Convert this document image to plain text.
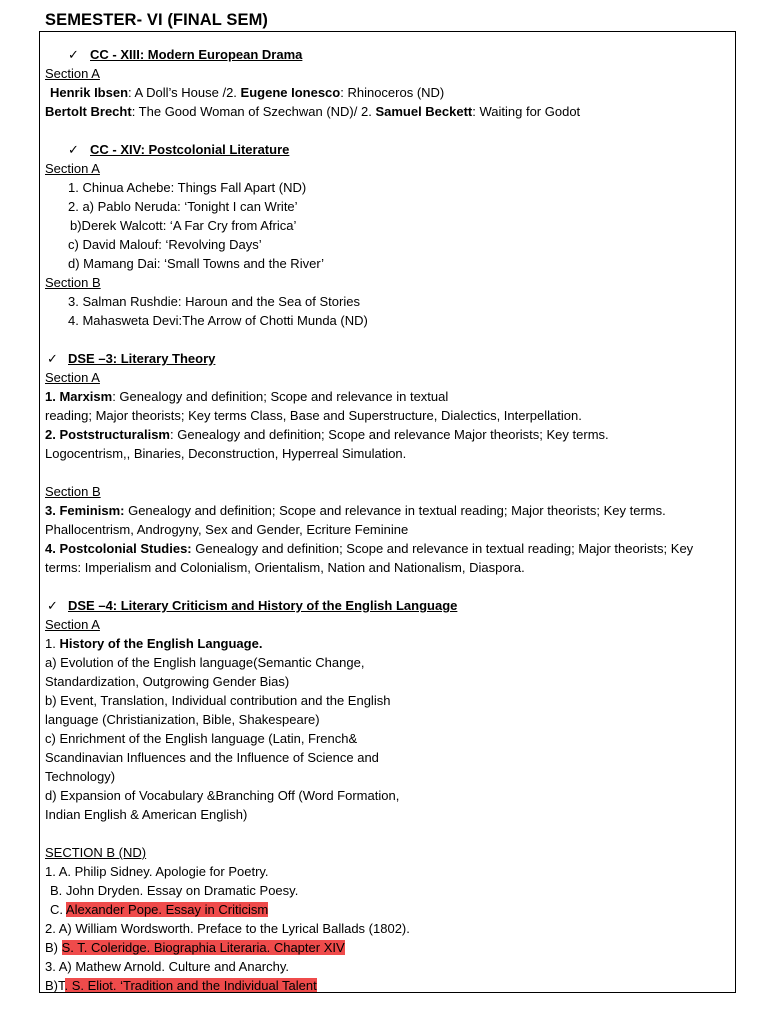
SEMESTER- VI (FINAL SEM)
✓ CC - XIII: Modern European Drama
Section A
Henrik Ibsen: A Doll’s House /2. Eugene Ionesco: Rhinoceros (ND)
Bertolt Brecht: The Good Woman of Szechwan (ND)/ 2. Samuel Beckett: Waiting for Godot
✓ CC - XIV: Postcolonial Literature
Section A
1. Chinua Achebe: Things Fall Apart (ND)
2. a) Pablo Neruda: ‘Tonight I can Write’
b)Derek Walcott: ‘A Far Cry from Africa’
c) David Malouf: ‘Revolving Days’
d) Mamang Dai: ‘Small Towns and the River’
Section B
3. Salman Rushdie: Haroun and the Sea of Stories
4. Mahasweta Devi:The Arrow of Chotti Munda (ND)
✓ DSE –3: Literary Theory
Section A
1. Marxism: Genealogy and definition; Scope and relevance in textual
reading; Major theorists; Key terms Class, Base and Superstructure, Dialectics, Interpellation.
2. Poststructuralism: Genealogy and definition; Scope and relevance Major theorists; Key terms.
Logocentrism,, Binaries, Deconstruction, Hyperreal Simulation.
Section B
3. Feminism: Genealogy and definition; Scope and relevance in textual reading; Major theorists; Key terms.
Phallocentrism, Androgyny, Sex and Gender, Ecriture Feminine
4. Postcolonial Studies: Genealogy and definition; Scope and relevance in textual reading; Major theorists; Key
terms: Imperialism and Colonialism, Orientalism, Nation and Nationalism, Diaspora.
✓ DSE –4: Literary Criticism and History of the English Language
Section A
1. History of the English Language.
a) Evolution of the English language(Semantic Change,
Standardization, Outgrowing Gender Bias)
b) Event, Translation, Individual contribution and the English
language (Christianization, Bible, Shakespeare)
c) Enrichment of the English language (Latin, French&
Scandinavian Influences and the Influence of Science and
Technology)
d) Expansion of Vocabulary &Branching Off (Word Formation,
Indian English & American English)
SECTION B (ND)
1. A. Philip Sidney. Apologie for Poetry.
B. John Dryden. Essay on Dramatic Poesy.
C. Alexander Pope. Essay in Criticism
2. A) William Wordsworth. Preface to the Lyrical Ballads (1802).
B) S. T. Coleridge. Biographia Literaria. Chapter XIV
3. A) Mathew Arnold. Culture and Anarchy.
B)T. S. Eliot. ‘Tradition and the Individual Talent
